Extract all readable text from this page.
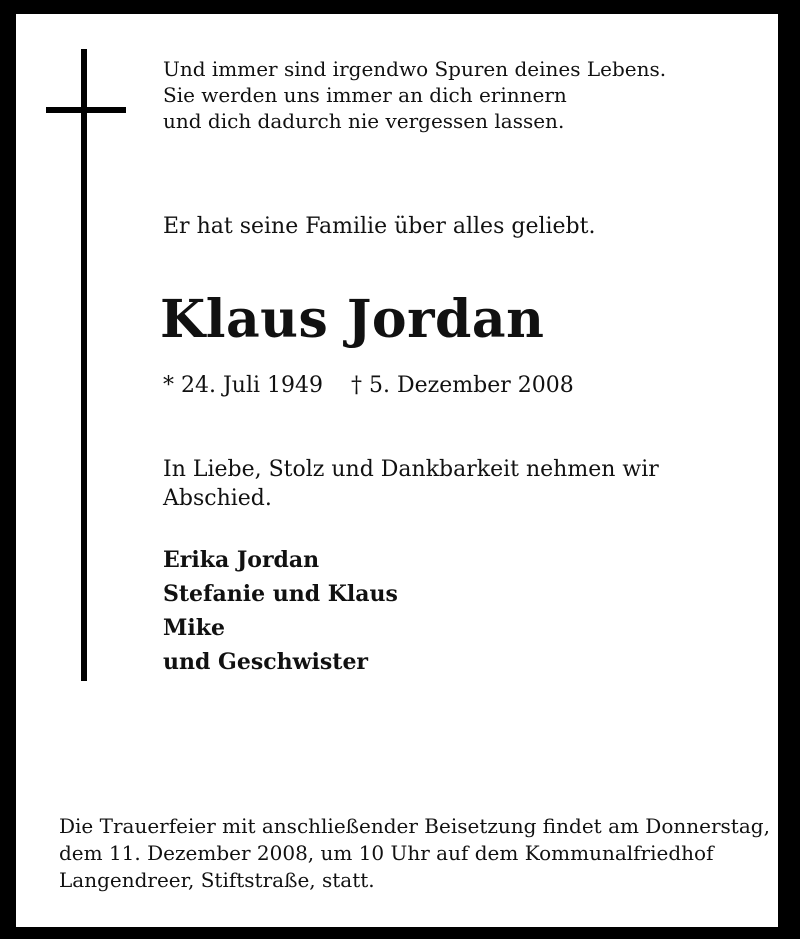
Und immer sind irgendwo Spuren deines Lebens.
Sie werden uns immer an dich erinnern
und dich dadurch nie vergessen lassen.
Er hat seine Familie über alles geliebt.
Klaus Jordan
* 24. Juli 1949 † 5. Dezember 2008
In Liebe, Stolz und Dankbarkeit nehmen wir Abschied.
Erika Jordan
Stefanie und Klaus
Mike
und Geschwister
Die Trauerfeier mit anschließender Beisetzung findet am Donnerstag,
dem 11. Dezember 2008, um 10 Uhr auf dem Kommunalfriedhof
Langendreer, Stiftstraße, statt.
